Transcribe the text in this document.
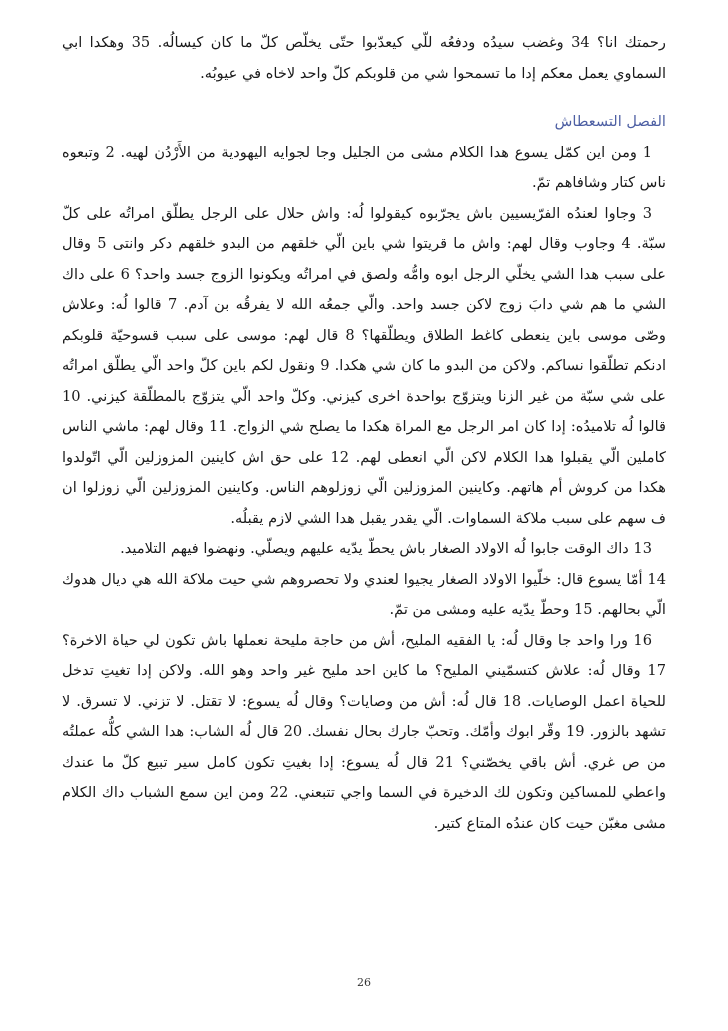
رحمتك انا؟ 34 وغضب سيدُه ودفعُه للّي كيعدّبوا حتّى يخلّص كلّ ما كان كيسالُه. 35 وهكدا ابي السماوي يعمل معكم إدا ما تسمحوا شي من قلوبكم كلّ واحد لاخاه في عيوبُه.

الفصل التسعطاش

1 ومن اين كمّل يسوع هدا الكلام مشى من الجليل وجا لجوايه اليهودية من الأَرْدُن لهيه. 2 وتبعوه ناس كتار وشافاهم تمّ.

3 وجاوا لعندُه الفرّيسيين باش يجرّبوه كيقولوا لُه: واش حلال على الرجل يطلّق امراتُه على كلّ سبّة. 4 وجاوب وقال لهم: واش ما قريتوا شي باين الّي خلقهم من البدو خلقهم دكر وانتى 5 وقال على سبب هدا الشي يخلّي الرجل ابوه وامُّه ولصق في امراتُه ويكونوا الزوج جسد واحد؟ 6 على داك الشي ما هم شي دابَ زوج لاكن جسد واحد. والّي جمعُه الله لا يفرقُه بن آدم. 7 قالوا لُه: وعلاش وصّى موسى باين ينعطى كاغط الطلاق ويطلّقها؟ 8 قال لهم: موسى على سبب قسوحيّة قلوبكم ادنكم تطلّقوا نساكم. ولاكن من البدو ما كان شي هكدا. 9 ونقول لكم باين كلّ واحد الّي يطلّق امراتُه على شي سبّة من غير الزنا ويتزوّج بواحدة اخرى كيزني. وكلّ واحد الّي يتزوّج بالمطلّقة كيزني. 10 قالوا لُه تلاميدُه: إدا كان امر الرجل مع المراة هكدا ما يصلح شي الزواج. 11 وقال لهم: ماشي الناس كاملين الّي يقبلوا هدا الكلام لاكن الّي انعطى لهم. 12 على حق اش كاينين المزوزلين الّي اتّولدوا هكدا من كروش أم هاتهم. وكاينين المزوزلين الّي زوزلوهم الناس. وكاينين المزوزلين الّي زوزلوا ان ف سهم على سبب ملاكة السماوات. الّي يقدر يقبل هدا الشي لازم يقبلُه.

13 داك الوقت جابوا لُه الاولاد الصغار باش يحطّ يدّيه عليهم ويصلّي. ونهضوا فيهم التلاميد.

14 أمّا يسوع قال: خلّيوا الاولاد الصغار يجيوا لعندي ولا تحصروهم شي حيت ملاكة الله هي ديال هدوك الّي بحالهم. 15 وحطّ يدّيه عليه ومشى من تمّ.

16 ورا واحد جا وقال لُه: يا الفقيه المليح، أش من حاجة مليحة نعملها باش تكون لي حياة الاخرة؟ 17 وقال لُه: علاش كتسمّيني المليح؟ ما كاين احد مليح غير واحد وهو الله. ولاكن إدا تغيتِ تدخل للحياة اعمل الوصايات. 18 قال لُه: أش من وصايات؟ وقال لُه يسوع: لا تقتل. لا تزني. لا تسرق. لا تشهد بالزور. 19 وقّر ابوك وأمّك. وتحبّ جارك بحال نفسك. 20 قال لُه الشاب: هدا الشي كلُّه عملتُه من ص غري. أش باقي يخصّني؟ 21 قال لُه يسوع: إدا بغيتِ تكون كامل سير تبيع كلّ ما عندك واعطي للمساكين وتكون لك الدخيرة في السما واجي تتبعني. 22 ومن اين سمع الشباب داك الكلام مشى مغبّن حيت كان عندُه المتاع كتير.

26
